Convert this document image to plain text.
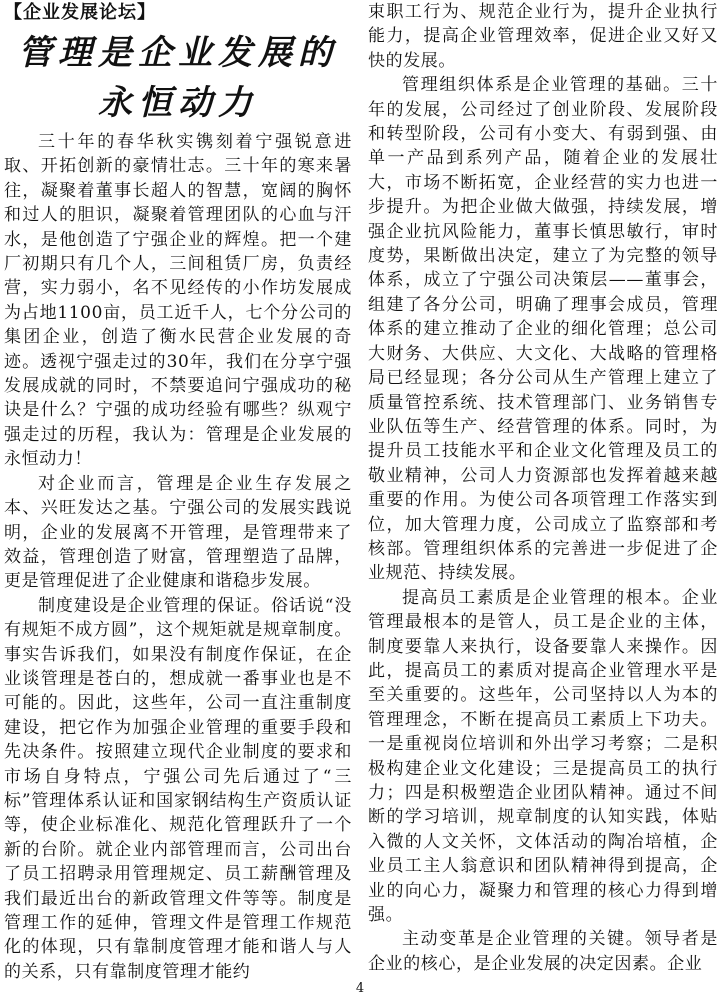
【企业发展论坛】
管理是企业发展的
永恒动力

三十年的春华秋实镌刻着宁强锐意进取、开拓创新的豪情壮志。三十年的寒来暑往，凝聚着董事长超人的智慧，宽阔的胸怀和过人的胆识，凝聚着管理团队的心血与汗水，是他创造了宁强企业的辉煌。把一个建厂初期只有几个人，三间租赁厂房，负责经营，实力弱小，名不见经传的小作坊发展成为占地1100亩，员工近千人，七个分公司的集团企业，创造了衡水民营企业发展的奇迹。透视宁强走过的30年，我们在分享宁强发展成就的同时，不禁要追问宁强成功的秘诀是什么？宁强的成功经验有哪些？纵观宁强走过的历程，我认为：管理是企业发展的永恒动力！

对企业而言，管理是企业生存发展之本、兴旺发达之基。宁强公司的发展实践说明，企业的发展离不开管理，是管理带来了效益，管理创造了财富，管理塑造了品牌，更是管理促进了企业健康和谐稳步发展。

制度建设是企业管理的保证。俗话说“没有规矩不成方圆”，这个规矩就是规章制度。事实告诉我们，如果没有制度作保证，在企业谈管理是苍白的，想成就一番事业也是不可能的。因此，这些年，公司一直注重制度建设，把它作为加强企业管理的重要手段和先决条件。按照建立现代企业制度的要求和市场自身特点，宁强公司先后通过了“三标”管理体系认证和国家钢结构生产资质认证等，使企业标准化、规范化管理跃升了一个新的台阶。就企业内部管理而言，公司出台了员工招聘录用管理规定、员工薪酬管理及我们最近出台的新政管理文件等等。制度是管理工作的延伸，管理文件是管理工作规范化的体现，只有靠制度管理才能和谐人与人的关系，只有靠制度管理才能约

束职工行为、规范企业行为，提升企业执行能力，提高企业管理效率，促进企业又好又快的发展。

管理组织体系是企业管理的基础。三十年的发展，公司经过了创业阶段、发展阶段和转型阶段，公司有小变大、有弱到强、由单一产品到系列产品，随着企业的发展壮大，市场不断拓宽，企业经营的实力也进一步提升。为把企业做大做强，持续发展，增强企业抗风险能力，董事长慎思敏行，审时度势，果断做出决定，建立了为完整的领导体系，成立了宁强公司决策层——董事会，组建了各分公司，明确了理事会成员，管理体系的建立推动了企业的细化管理；总公司大财务、大供应、大文化、大战略的管理格局已经显现；各分公司从生产管理上建立了质量管控系统、技术管理部门、业务销售专业队伍等生产、经营管理的体系。同时，为提升员工技能水平和企业文化管理及员工的敬业精神，公司人力资源部也发挥着越来越重要的作用。为使公司各项管理工作落实到位，加大管理力度，公司成立了监察部和考核部。管理组织体系的完善进一步促进了企业规范、持续发展。

提高员工素质是企业管理的根本。企业管理最根本的是管人，员工是企业的主体，制度要靠人来执行，设备要靠人来操作。因此，提高员工的素质对提高企业管理水平是至关重要的。这些年，公司坚持以人为本的管理理念，不断在提高员工素质上下功夫。一是重视岗位培训和外出学习考察；二是积极构建企业文化建设；三是提高员工的执行力；四是积极塑造企业团队精神。通过不间断的学习培训，规章制度的认知实践，体贴入微的人文关怀，文体活动的陶冶培植，企业员工主人翁意识和团队精神得到提高，企业的向心力，凝聚力和管理的核心力得到增强。

主动变革是企业管理的关键。领导者是企业的核心，是企业发展的决定因素。企业

4
